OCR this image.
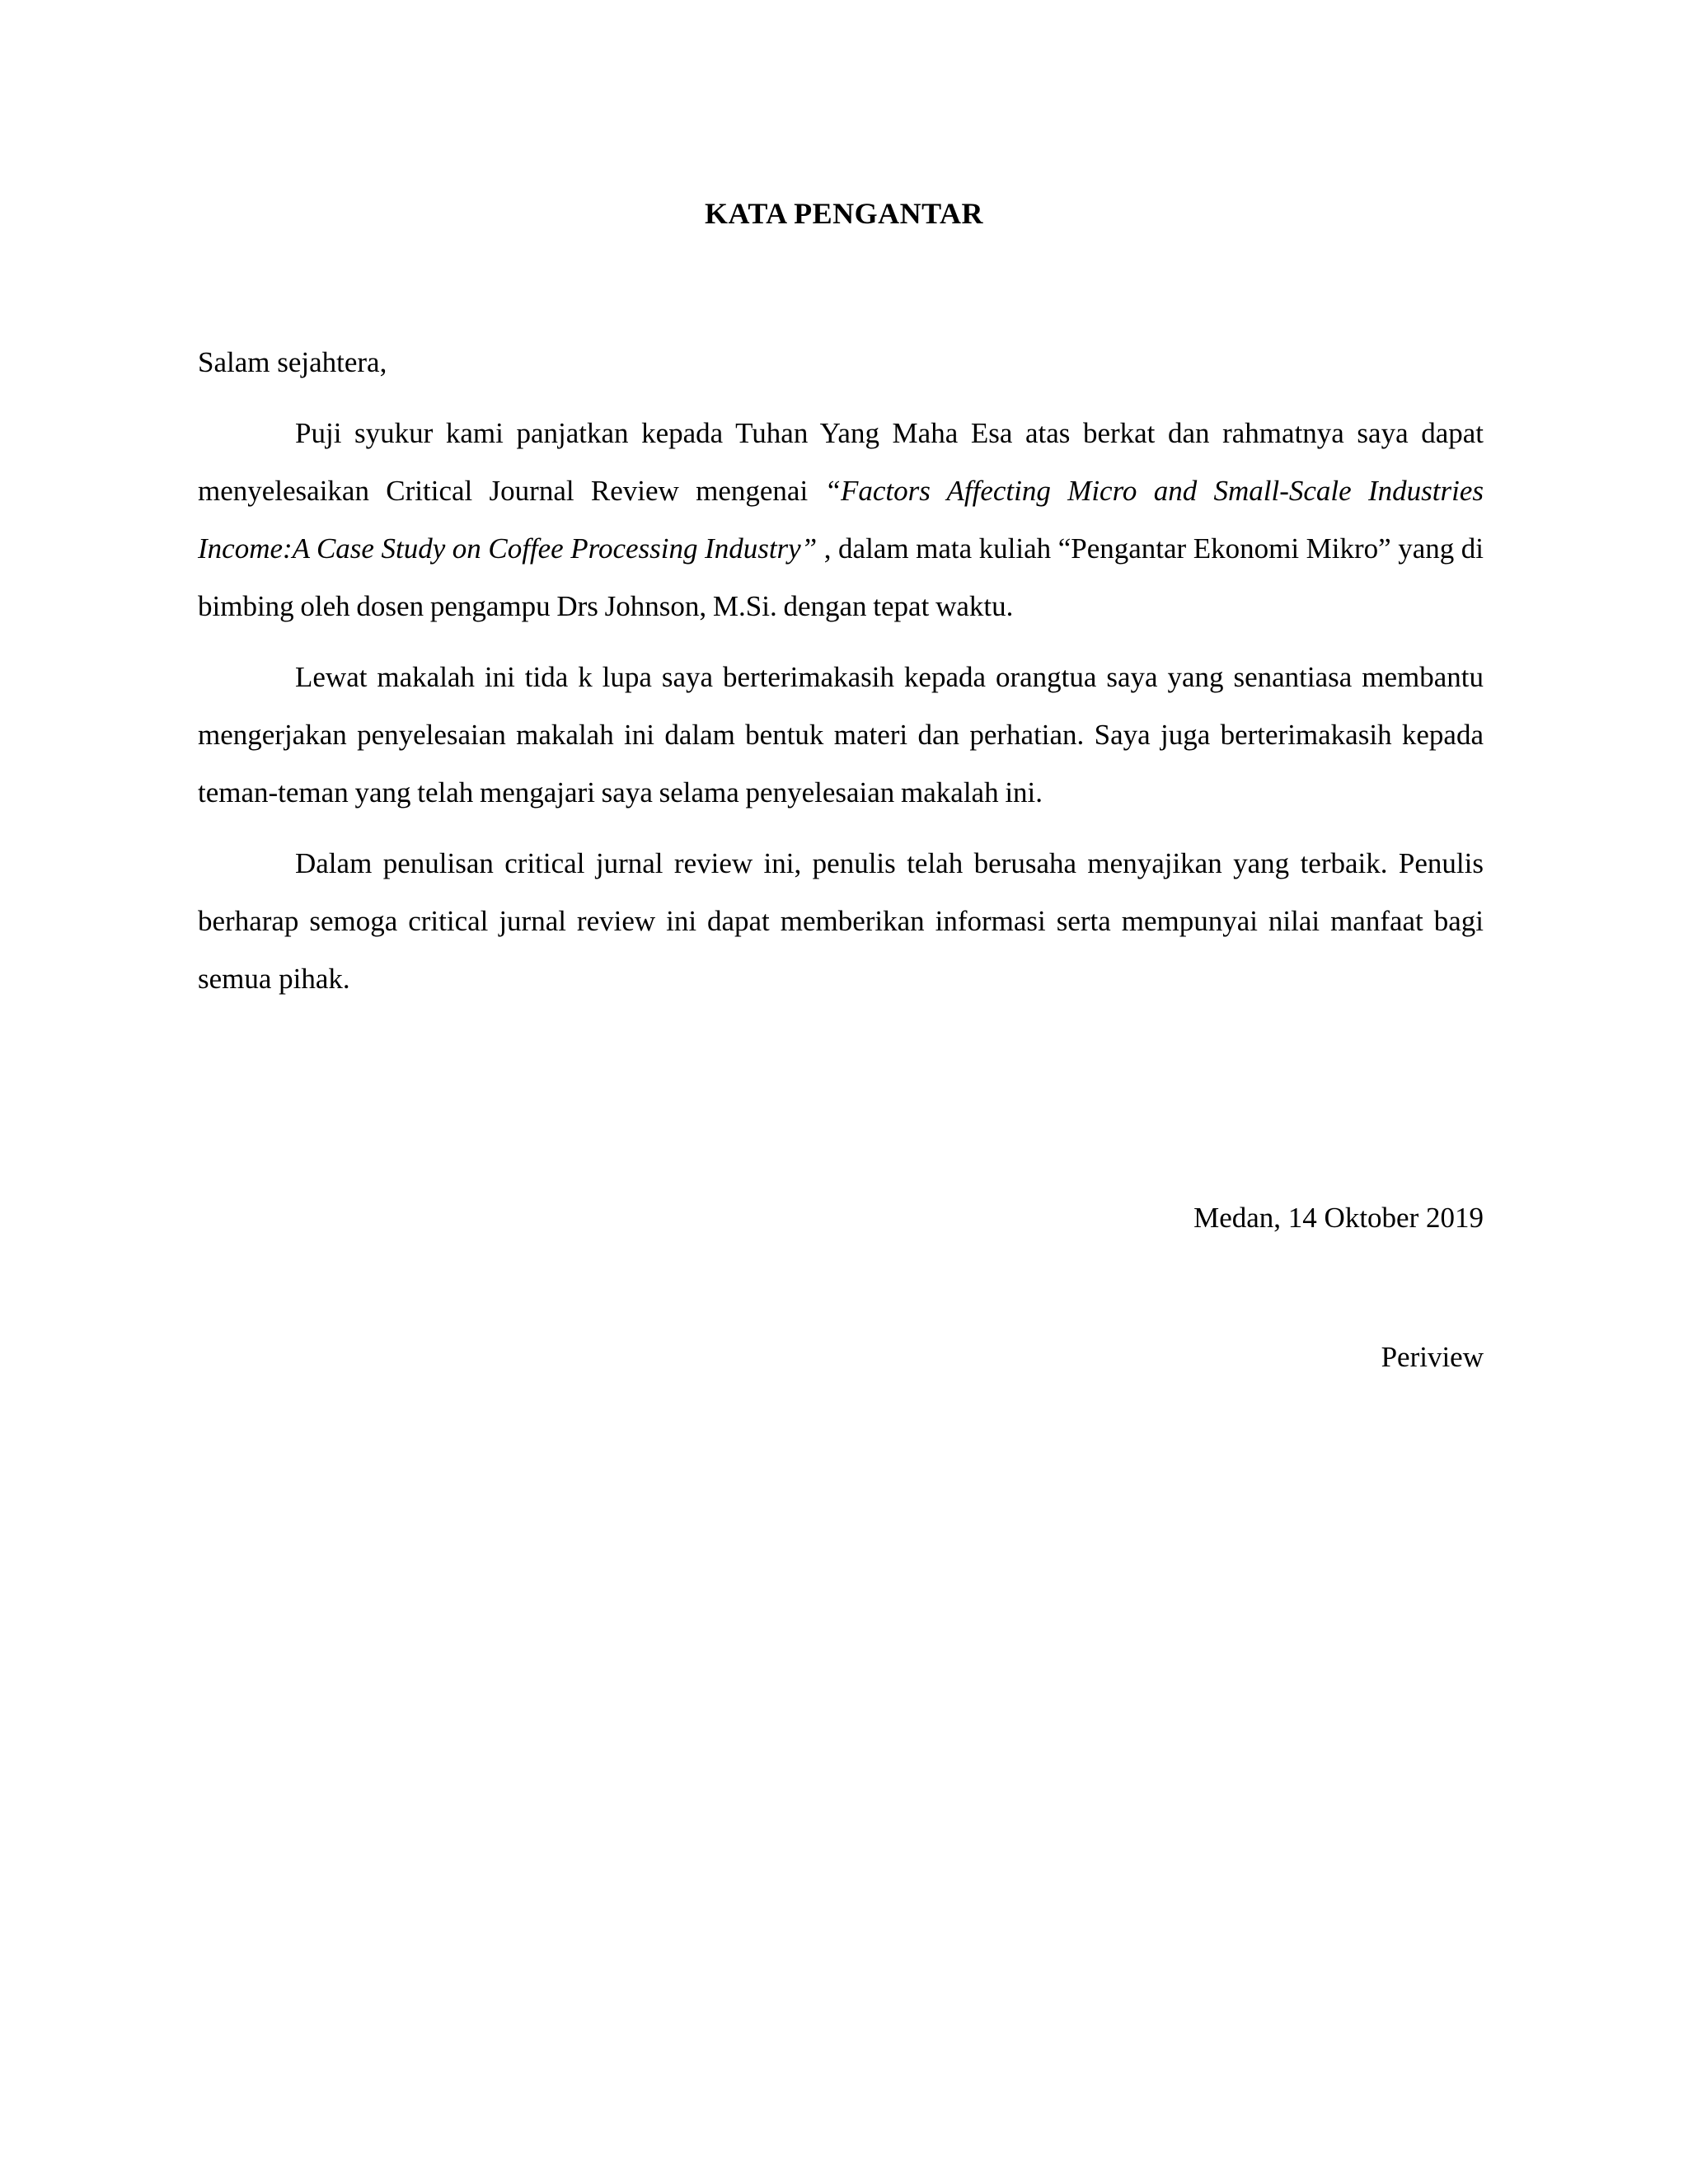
KATA PENGANTAR

Salam sejahtera,

Puji syukur kami panjatkan kepada Tuhan Yang Maha Esa atas berkat dan rahmatnya saya dapat menyelesaikan Critical Journal Review mengenai “Factors Affecting Micro and Small-Scale Industries Income:A Case Study on Coffee Processing Industry” , dalam mata kuliah “Pengantar Ekonomi Mikro” yang di bimbing oleh dosen pengampu Drs Johnson, M.Si. dengan tepat waktu.

Lewat makalah ini tida k lupa saya berterimakasih kepada orangtua saya yang senantiasa membantu mengerjakan penyelesaian makalah ini dalam bentuk materi dan perhatian. Saya juga berterimakasih kepada teman-teman yang telah mengajari saya selama penyelesaian makalah ini.

Dalam penulisan critical jurnal review ini, penulis telah berusaha menyajikan yang terbaik. Penulis berharap semoga critical jurnal review ini dapat memberikan informasi serta mempunyai nilai manfaat bagi semua pihak.

Medan, 14 Oktober 2019
Periview
